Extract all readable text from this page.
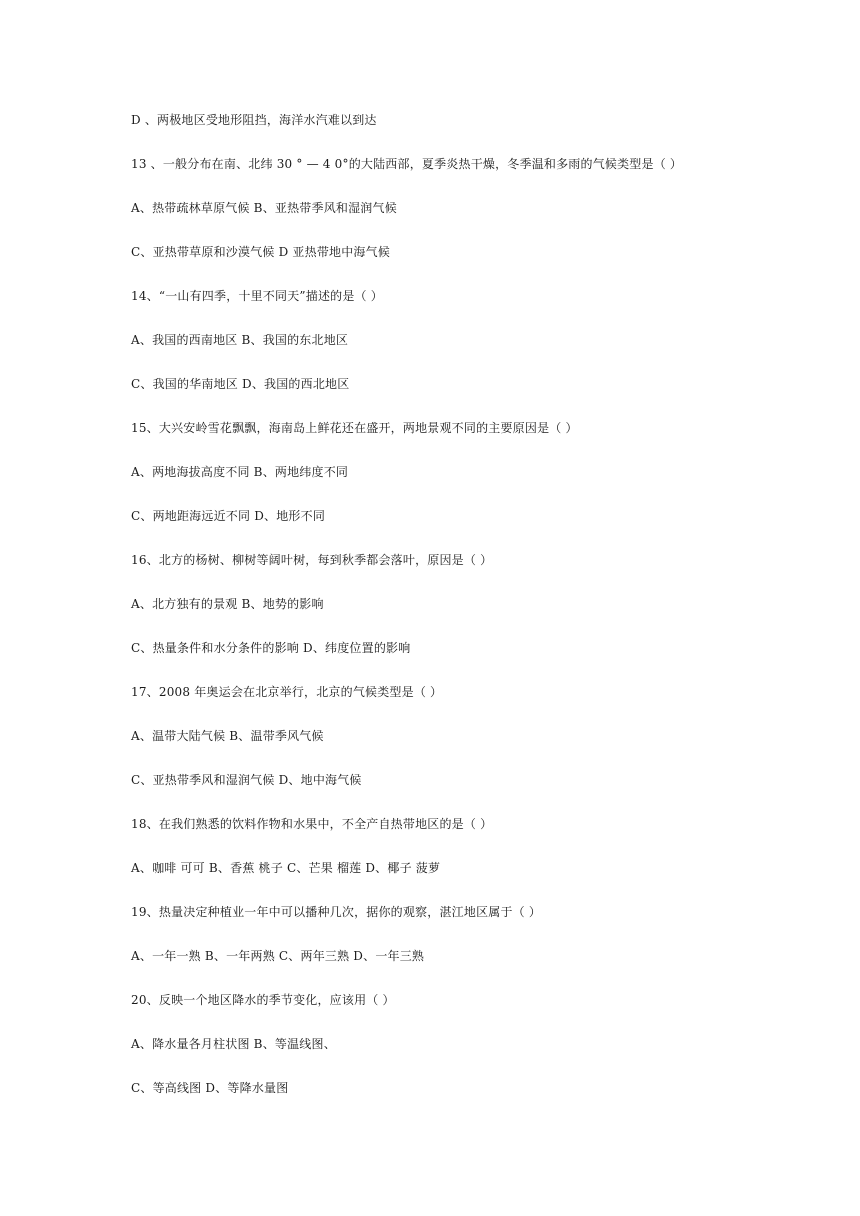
D 、两极地区受地形阻挡，海洋水汽难以到达
13 、一般分布在南、北纬 30 ° — 4 0°的大陆西部，夏季炎热干燥，冬季温和多雨的气候类型是（ ）
A、热带疏林草原气候 B、亚热带季风和湿润气候
C、亚热带草原和沙漠气候 D 亚热带地中海气候
14、“一山有四季，十里不同天”描述的是（ ）
A、我国的西南地区 B、我国的东北地区
C、我国的华南地区 D、我国的西北地区
15、大兴安岭雪花飘飘，海南岛上鲜花还在盛开，两地景观不同的主要原因是（ ）
A、两地海拔高度不同 B、两地纬度不同
C、两地距海远近不同 D、地形不同
16、北方的杨树、柳树等阔叶树，每到秋季都会落叶，原因是（ ）
A、北方独有的景观 B、地势的影响
C、热量条件和水分条件的影响 D、纬度位置的影响
17、2008 年奥运会在北京举行，北京的气候类型是（ ）
A、温带大陆气候 B、温带季风气候
C、亚热带季风和湿润气候 D、地中海气候
18、在我们熟悉的饮料作物和水果中，不全产自热带地区的是（ ）
A、咖啡 可可 B、香蕉 桃子 C、芒果 榴莲 D、椰子 菠萝
19、热量决定种植业一年中可以播种几次，据你的观察，湛江地区属于（ ）
A、一年一熟 B、一年两熟 C、两年三熟 D、一年三熟
20、反映一个地区降水的季节变化，应该用（ ）
A、降水量各月柱状图 B、等温线图、
C、等高线图 D、等降水量图
